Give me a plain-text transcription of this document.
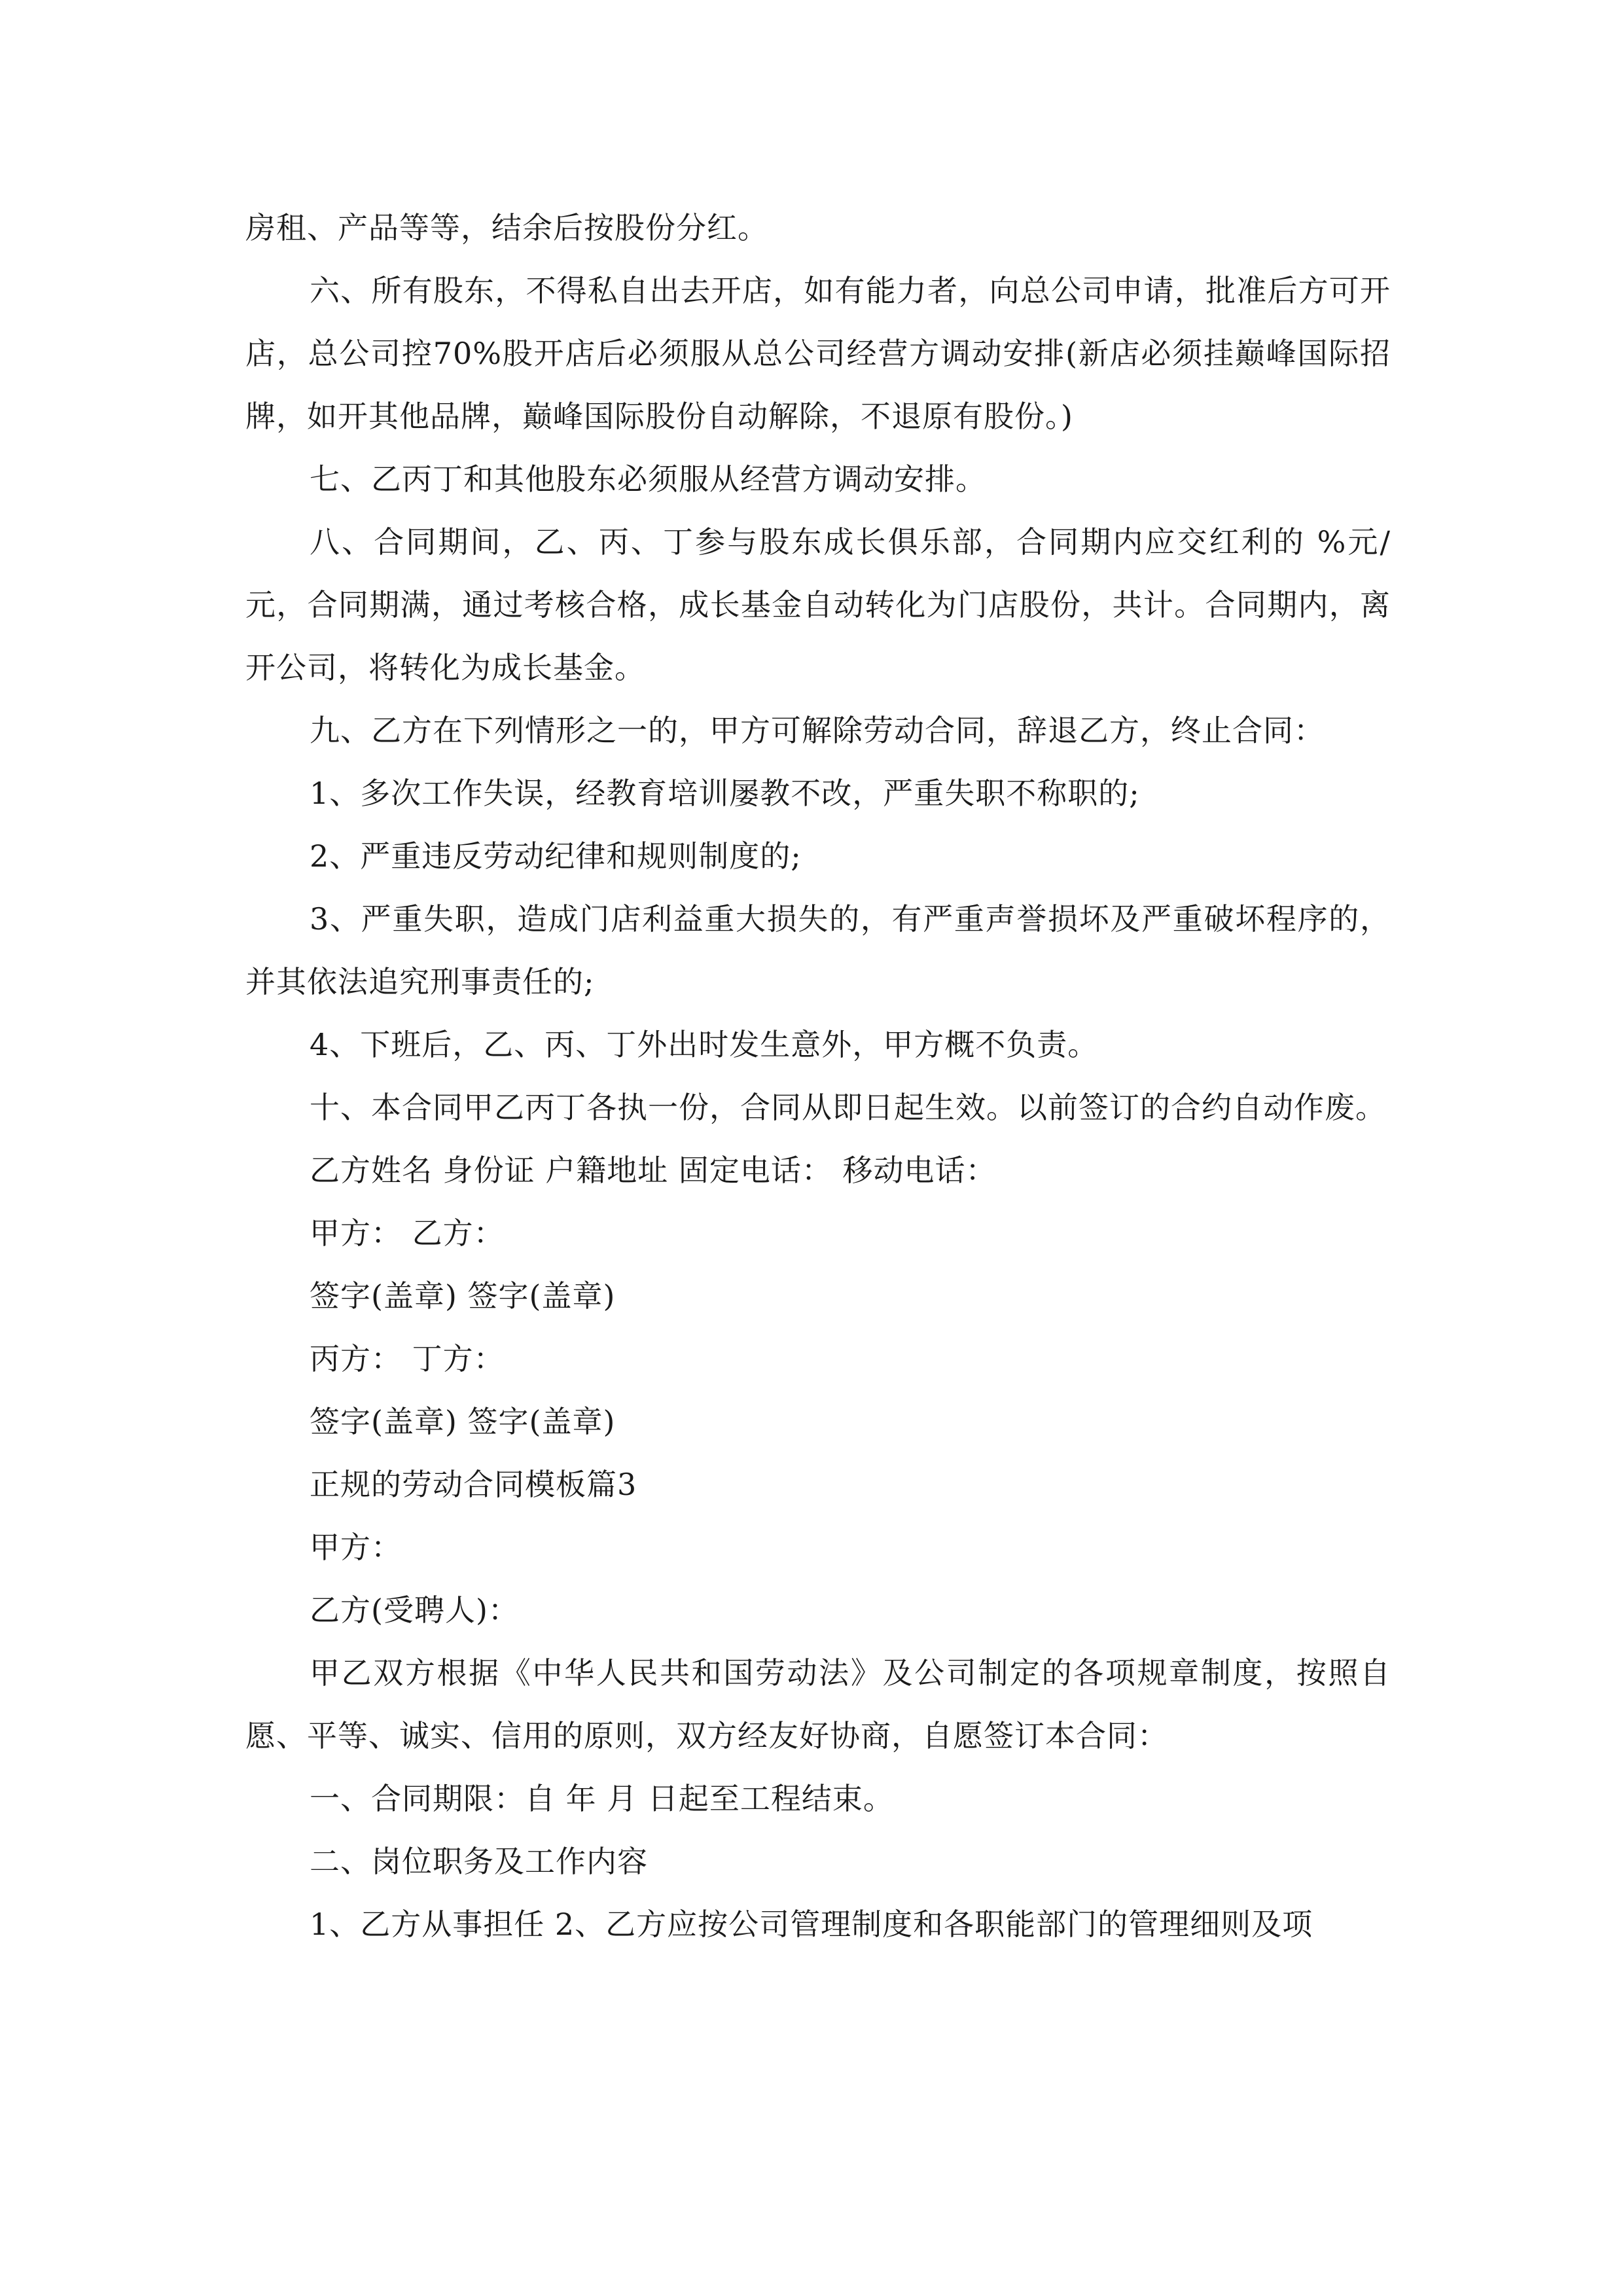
房租、产品等等，结余后按股份分红。

六、所有股东，不得私自出去开店，如有能力者，向总公司申请，批准后方可开店，总公司控70%股开店后必须服从总公司经营方调动安排(新店必须挂巅峰国际招牌，如开其他品牌，巅峰国际股份自动解除，不退原有股份。)

七、乙丙丁和其他股东必须服从经营方调动安排。

八、合同期间，乙、丙、丁参与股东成长俱乐部，合同期内应交红利的 %元/元，合同期满，通过考核合格，成长基金自动转化为门店股份，共计。合同期内，离开公司，将转化为成长基金。

九、乙方在下列情形之一的，甲方可解除劳动合同，辞退乙方，终止合同：

1、多次工作失误，经教育培训屡教不改，严重失职不称职的;

2、严重违反劳动纪律和规则制度的;

3、严重失职，造成门店利益重大损失的，有严重声誉损坏及严重破坏程序的，并其依法追究刑事责任的;

4、下班后，乙、丙、丁外出时发生意外，甲方概不负责。

十、本合同甲乙丙丁各执一份，合同从即日起生效。以前签订的合约自动作废。

乙方姓名 身份证 户籍地址 固定电话： 移动电话：

甲方： 乙方：

签字(盖章) 签字(盖章)

丙方： 丁方：

签字(盖章) 签字(盖章)

正规的劳动合同模板篇3

甲方：

乙方(受聘人)：

甲乙双方根据《中华人民共和国劳动法》及公司制定的各项规章制度，按照自愿、平等、诚实、信用的原则，双方经友好协商，自愿签订本合同：

一、合同期限：自 年 月 日起至工程结束。

二、岗位职务及工作内容

1、乙方从事担任 2、乙方应按公司管理制度和各职能部门的管理细则及项
